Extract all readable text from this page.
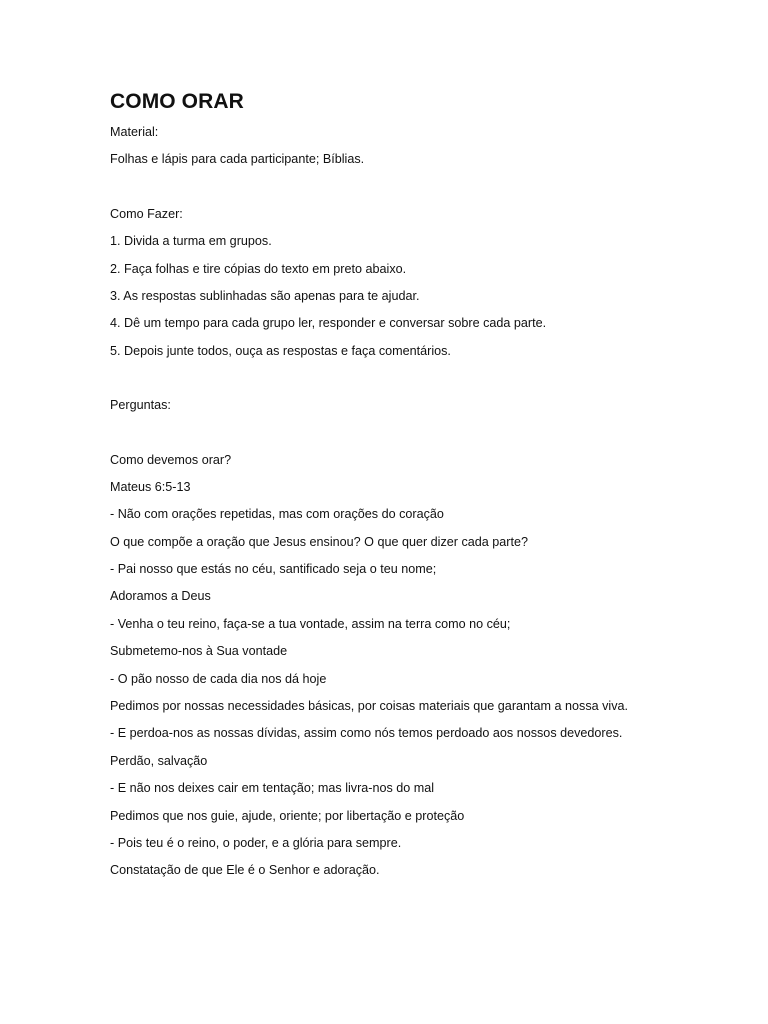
COMO ORAR
Material:
Folhas e lápis para cada participante; Bíblias.
Como Fazer:
1. Divida a turma em grupos.
2. Faça folhas e tire cópias do texto em preto abaixo.
3. As respostas sublinhadas são apenas para te ajudar.
4. Dê um tempo para cada grupo ler, responder e conversar sobre cada parte.
5. Depois junte todos, ouça as respostas e faça comentários.
Perguntas:
Como devemos orar?
Mateus 6:5-13
- Não com orações repetidas, mas com orações do coração
O que compõe a oração que Jesus ensinou? O que quer dizer cada parte?
- Pai nosso que estás no céu, santificado seja o teu nome;
Adoramos a Deus
- Venha o teu reino, faça-se a tua vontade, assim na terra como no céu;
Submetemo-nos à Sua vontade
- O pão nosso de cada dia nos dá hoje
Pedimos por nossas necessidades básicas, por coisas materiais que garantam a nossa viva.
- E perdoa-nos as nossas dívidas, assim como nós temos perdoado aos nossos devedores.
Perdão, salvação
- E não nos deixes cair em tentação; mas livra-nos do mal
Pedimos que nos guie, ajude, oriente; por libertação e proteção
- Pois teu é o reino, o poder, e a glória para sempre.
Constatação de que Ele é o Senhor e adoração.
